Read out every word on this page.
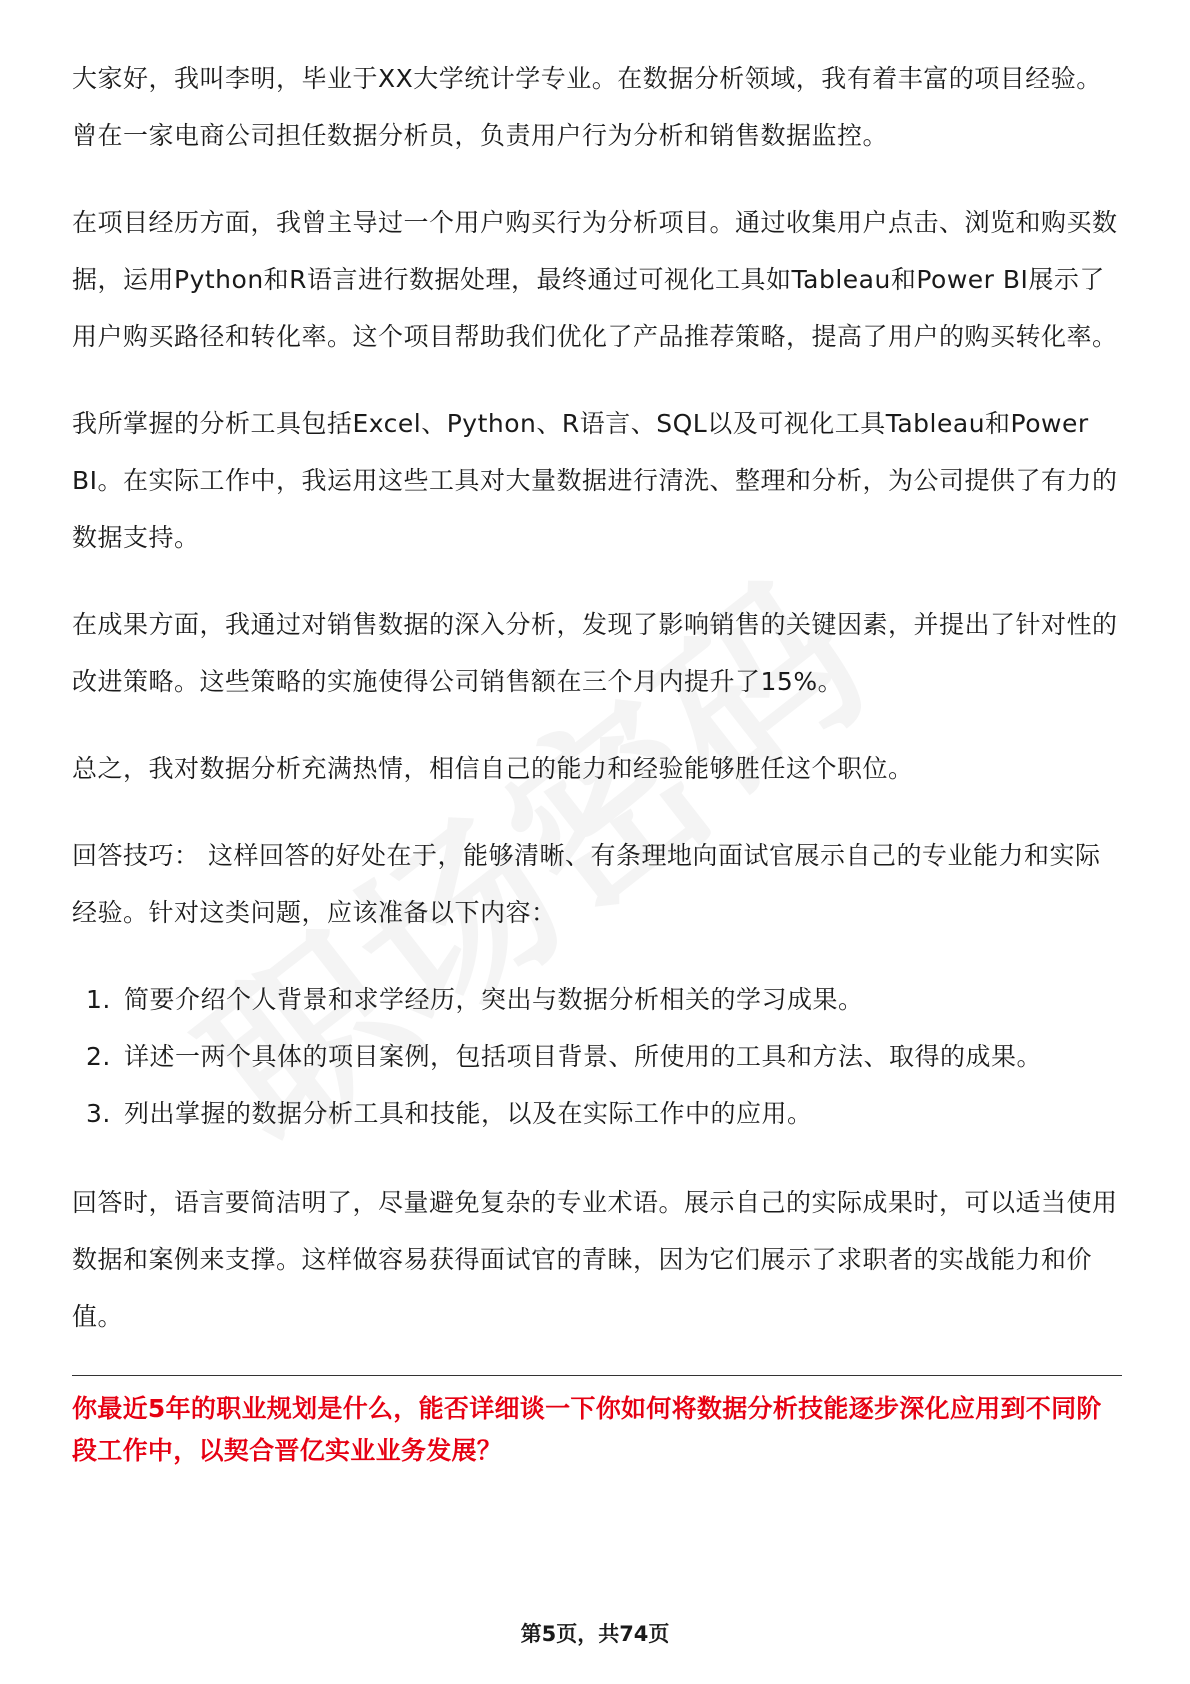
大家好，我叫李明，毕业于XX大学统计学专业。在数据分析领域，我有着丰富的项目经验。曾在一家电商公司担任数据分析员，负责用户行为分析和销售数据监控。

在项目经历方面，我曾主导过一个用户购买行为分析项目。通过收集用户点击、浏览和购买数据，运用Python和R语言进行数据处理，最终通过可视化工具如Tableau和Power BI展示了用户购买路径和转化率。这个项目帮助我们优化了产品推荐策略，提高了用户的购买转化率。

我所掌握的分析工具包括Excel、Python、R语言、SQL以及可视化工具Tableau和Power BI。在实际工作中，我运用这些工具对大量数据进行清洗、整理和分析，为公司提供了有力的数据支持。

在成果方面，我通过对销售数据的深入分析，发现了影响销售的关键因素，并提出了针对性的改进策略。这些策略的实施使得公司销售额在三个月内提升了15%。

总之，我对数据分析充满热情，相信自己的能力和经验能够胜任这个职位。

回答技巧： 这样回答的好处在于，能够清晰、有条理地向面试官展示自己的专业能力和实际经验。针对这类问题，应该准备以下内容：

1. 简要介绍个人背景和求学经历，突出与数据分析相关的学习成果。
2. 详述一两个具体的项目案例，包括项目背景、所使用的工具和方法、取得的成果。
3. 列出掌握的数据分析工具和技能，以及在实际工作中的应用。

回答时，语言要简洁明了，尽量避免复杂的专业术语。展示自己的实际成果时，可以适当使用数据和案例来支撑。这样做容易获得面试官的青睐，因为它们展示了求职者的实战能力和价值。

你最近5年的职业规划是什么，能否详细谈一下你如何将数据分析技能逐步深化应用到不同阶段工作中，以契合晋亿实业业务发展？

第5页，共74页
